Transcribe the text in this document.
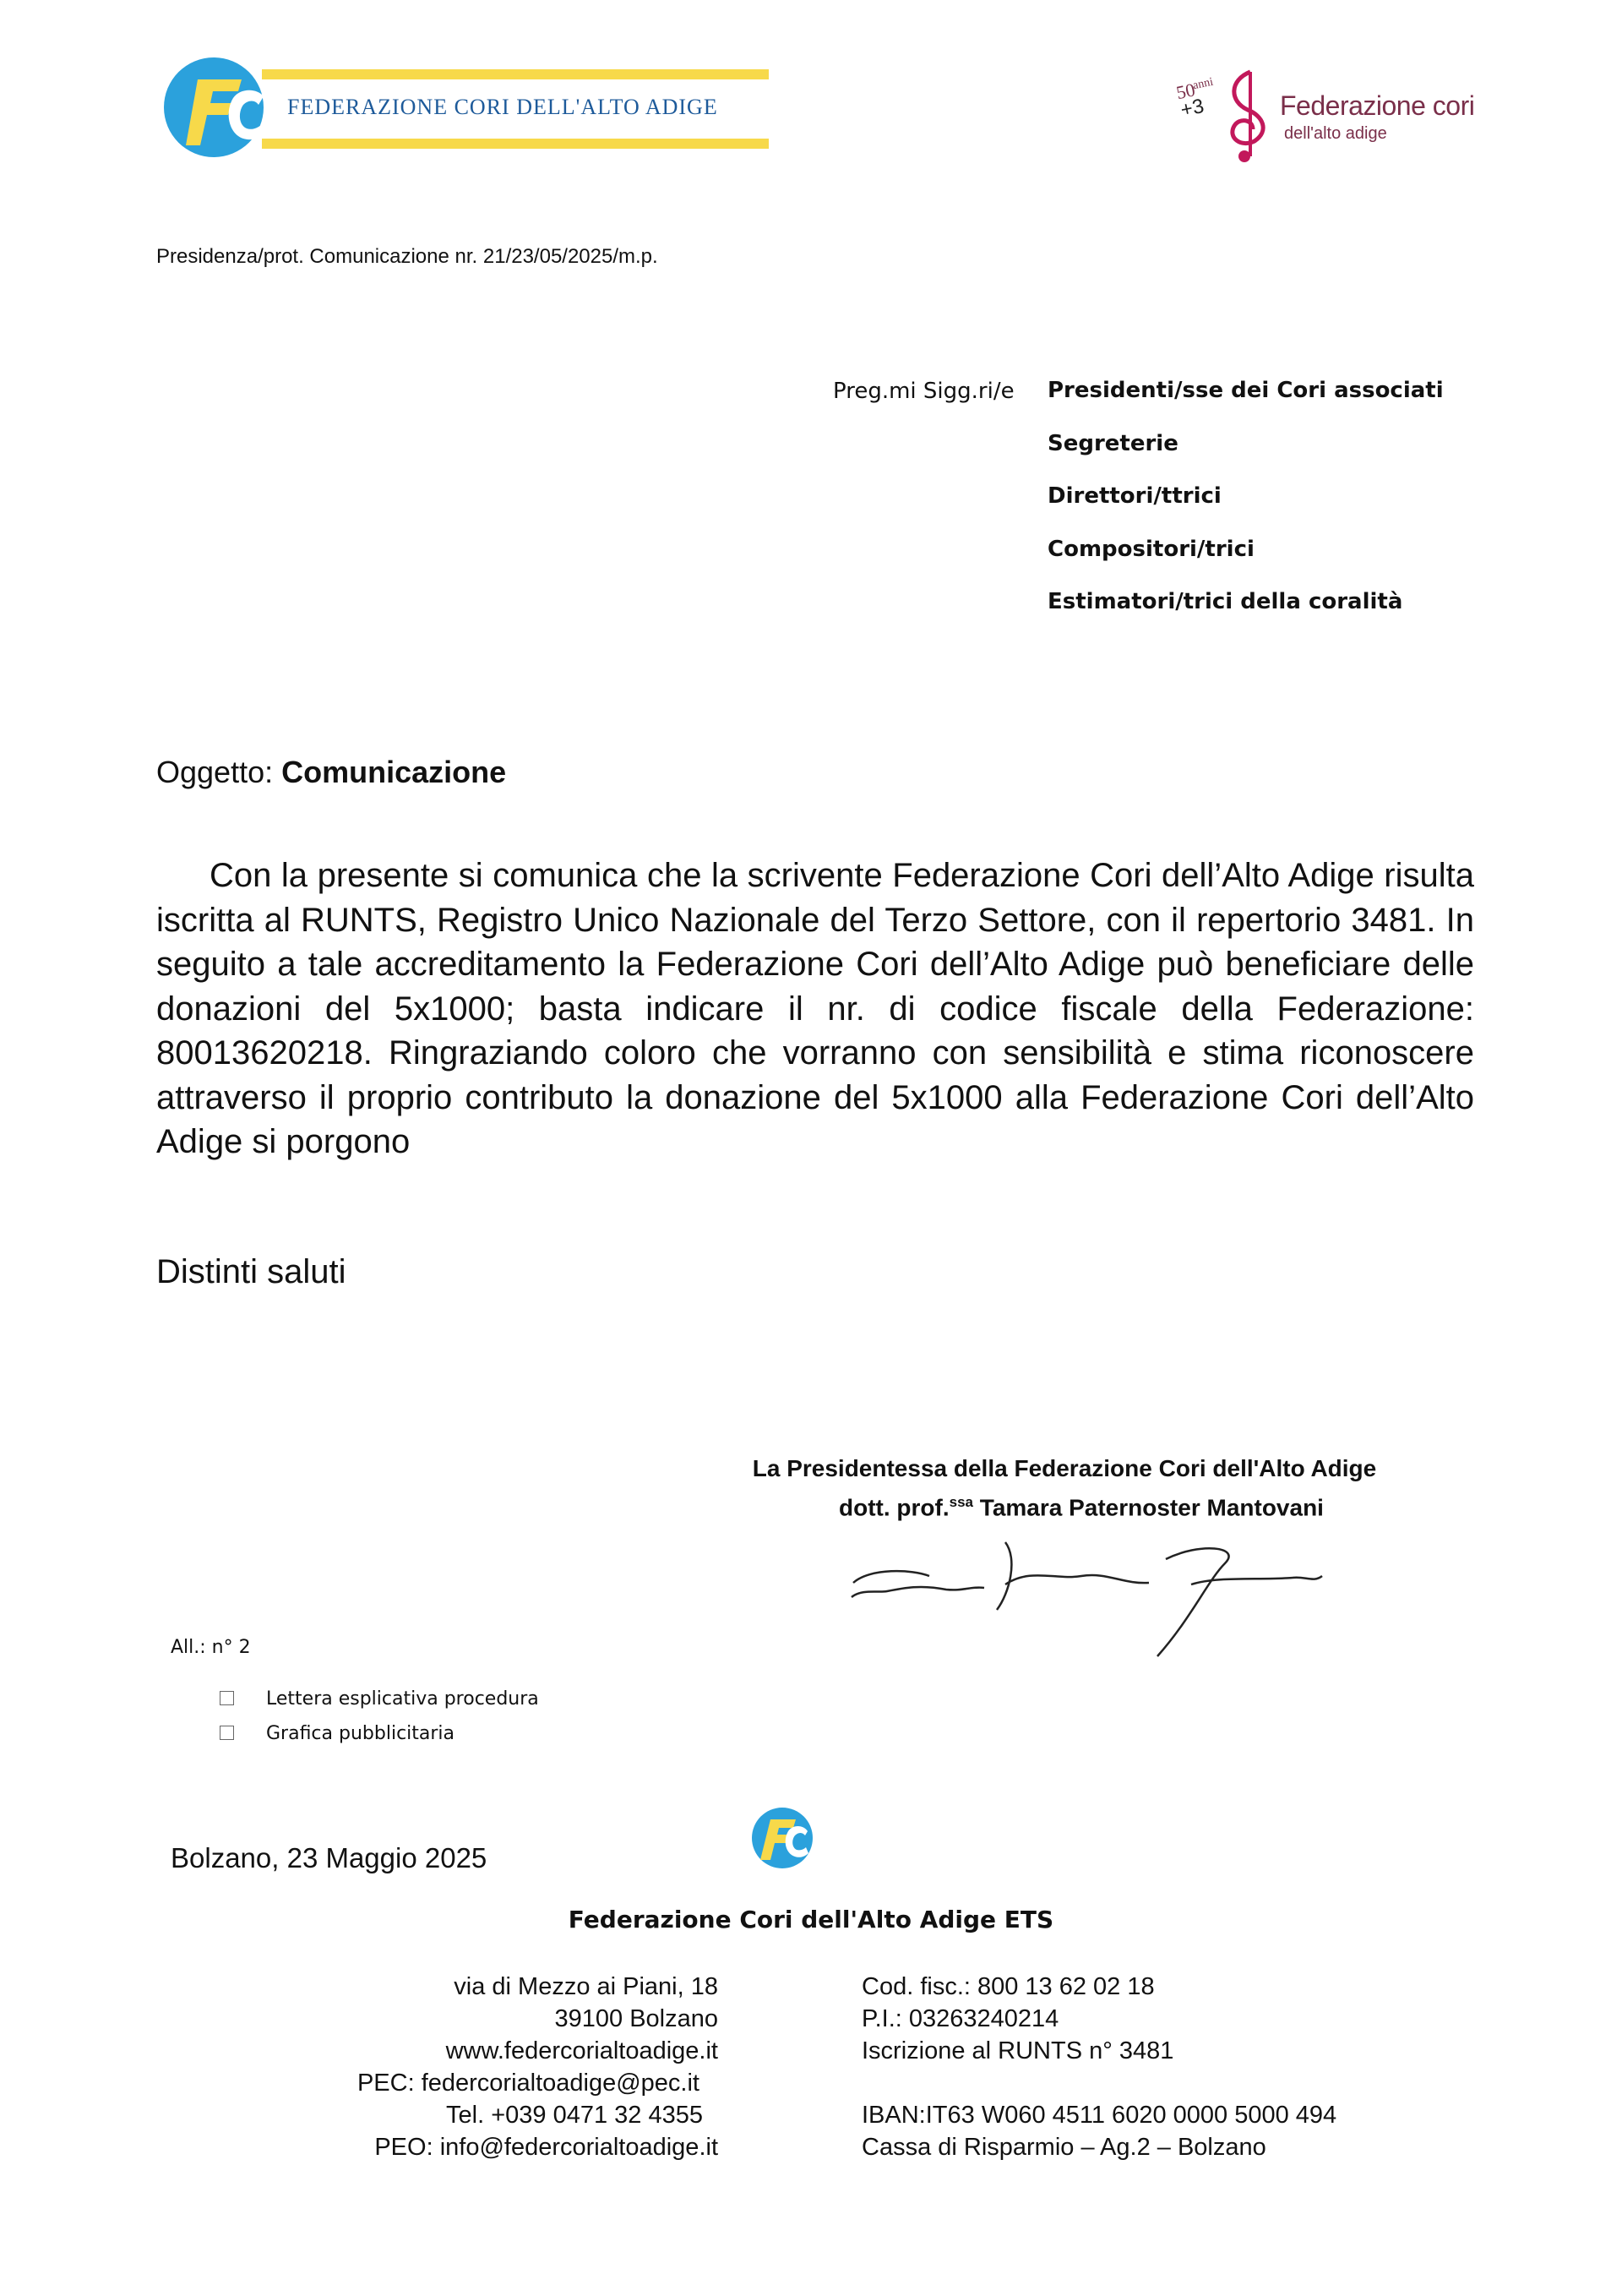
FEDERAZIONE CORI DELL'ALTO ADIGE
50
anni
+3	Federazione cori
dell'alto adige
Presidenza/prot. Comunicazione nr. 21/23/05/2025/m.p.
Preg.mi Sigg.ri/e Presidenti/sse dei Cori associati
Segreterie
Direttori/ttrici
Compositori/trici
Estimatori/trici della coralità
Oggetto: Comunicazione

Con la presente si comunica che la scrivente Federazione Cori dell’Alto Adige risulta iscritta al RUNTS, Registro Unico Nazionale del Terzo Settore, con il repertorio 3481. In seguito a tale accreditamento la Federazione Cori dell’Alto Adige può beneficiare delle donazioni del 5x1000; basta indicare il nr. di codice fiscale della Federazione: 80013620218. Ringraziando coloro che vorranno con sensibilità e stima riconoscere attraverso il proprio contributo la donazione del 5x1000 alla Federazione Cori dell’Alto Adige si porgono

Distinti saluti
La Presidentessa della Federazione Cori dell'Alto Adige
dott. prof.$^{ssa}$ Tamara Paternoster Mantovani
All.: n° 2
Lettera esplicativa procedura
Grafica pubblicitaria
Bolzano, 23 Maggio 2025
Federazione Cori dell'Alto Adige ETS
via di Mezzo ai Piani, 18
39100 Bolzano
www.federcorialtoadige.it
PEC: federcorialtoadige@pec.it
Tel. +039 0471 32 4355
PEO: info@federcorialtoadige.it
Cod. fisc.: 800 13 62 02 18
P.I.: 03263240214
Iscrizione al RUNTS n° 3481
IBAN:IT63 W060 4511 6020 0000 5000 494
Cassa di Risparmio – Ag.2 – Bolzano
